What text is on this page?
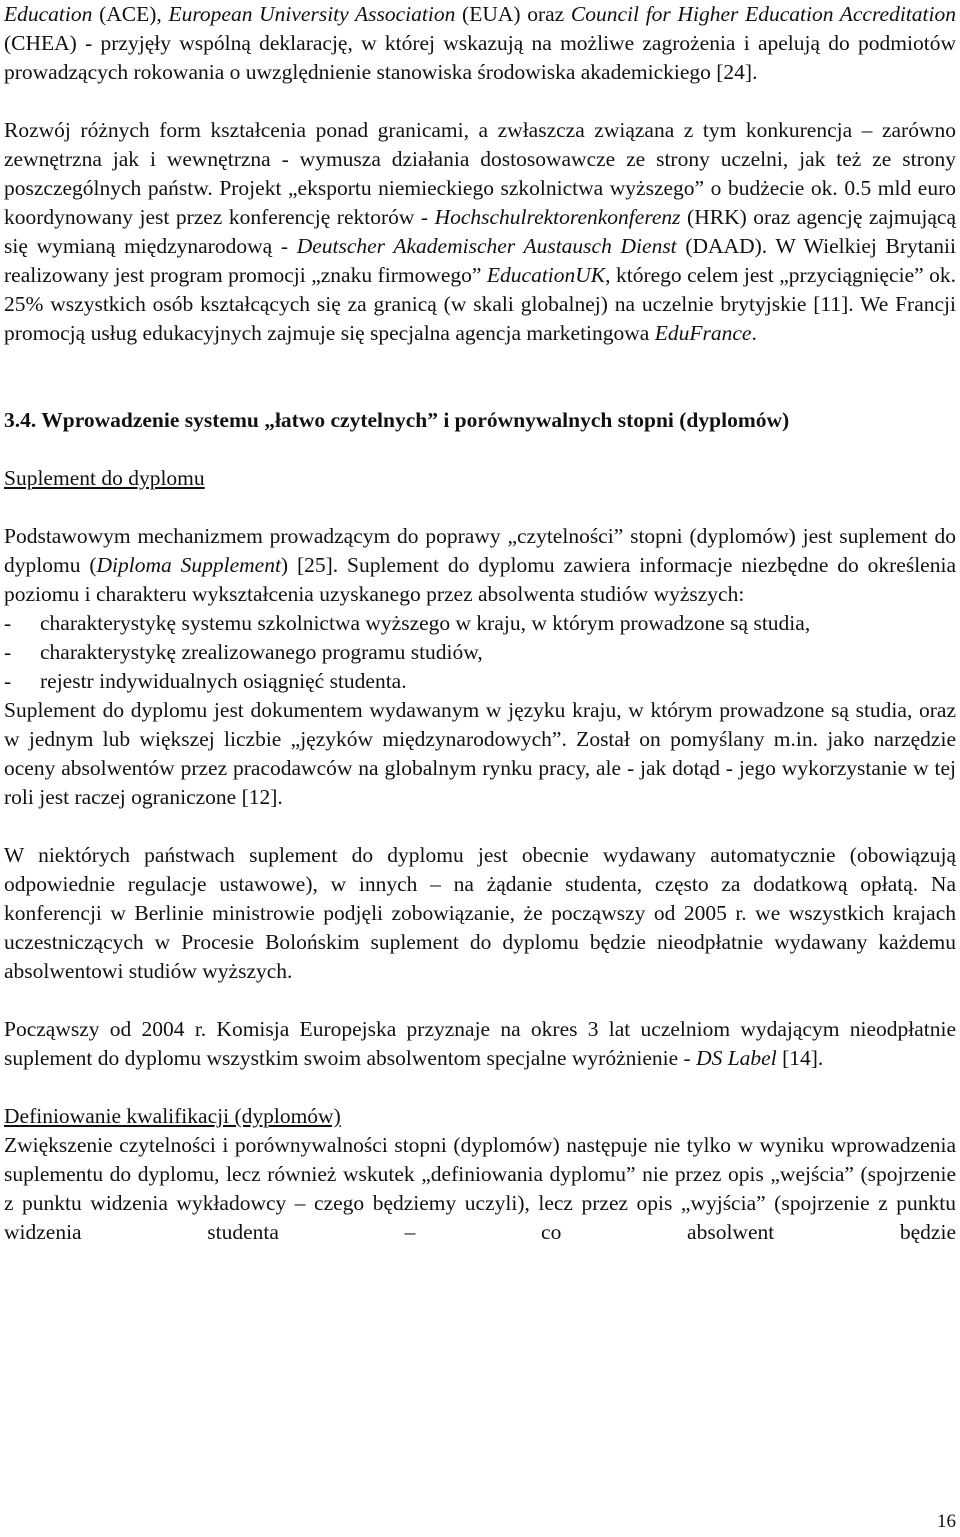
Education (ACE), European University Association (EUA) oraz Council for Higher Education Accreditation (CHEA) - przyjęły wspólną deklarację, w której wskazują na możliwe zagrożenia i apelują do podmiotów prowadzących rokowania o uwzględnienie stanowiska środowiska akademickiego [24].

Rozwój różnych form kształcenia ponad granicami, a zwłaszcza związana z tym konkurencja – zarówno zewnętrzna jak i wewnętrzna - wymusza działania dostosowawcze ze strony uczelni, jak też ze strony poszczególnych państw. Projekt „eksportu niemieckiego szkolnictwa wyższego” o budżecie ok. 0.5 mld euro koordynowany jest przez konferencję rektorów - Hochschulrektorenkonferenz (HRK) oraz agencję zajmującą się wymianą międzynarodową - Deutscher Akademischer Austausch Dienst (DAAD). W Wielkiej Brytanii realizowany jest program promocji „znaku firmowego” EducationUK, którego celem jest „przyciągnięcie” ok. 25% wszystkich osób kształcących się za granicą (w skali globalnej) na uczelnie brytyjskie [11]. We Francji promocją usług edukacyjnych zajmuje się specjalna agencja marketingowa EduFrance.

3.4. Wprowadzenie systemu „łatwo czytelnych” i porównywalnych stopni (dyplomów)

Suplement do dyplomu

Podstawowym mechanizmem prowadzącym do poprawy „czytelności” stopni (dyplomów) jest suplement do dyplomu (Diploma Supplement) [25]. Suplement do dyplomu zawiera informacje niezbędne do określenia poziomu i charakteru wykształcenia uzyskanego przez absolwenta studiów wyższych:

- charakterystykę systemu szkolnictwa wyższego w kraju, w którym prowadzone są studia,
- charakterystykę zrealizowanego programu studiów,
- rejestr indywidualnych osiągnięć studenta.

Suplement do dyplomu jest dokumentem wydawanym w języku kraju, w którym prowadzone są studia, oraz w jednym lub większej liczbie „języków międzynarodowych”. Został on pomyślany m.in. jako narzędzie oceny absolwentów przez pracodawców na globalnym rynku pracy, ale - jak dotąd - jego wykorzystanie w tej roli jest raczej ograniczone [12].

W niektórych państwach suplement do dyplomu jest obecnie wydawany automatycznie (obowiązują odpowiednie regulacje ustawowe), w innych – na żądanie studenta, często za dodatkową opłatą. Na konferencji w Berlinie ministrowie podjęli zobowiązanie, że począwszy od 2005 r. we wszystkich krajach uczestniczących w Procesie Bolońskim suplement do dyplomu będzie nieodpłatnie wydawany każdemu absolwentowi studiów wyższych.

Począwszy od 2004 r. Komisja Europejska przyznaje na okres 3 lat uczelniom wydającym nieodpłatnie suplement do dyplomu wszystkim swoim absolwentom specjalne wyróżnienie - DS Label [14].

Definiowanie kwalifikacji (dyplomów)

Zwiększenie czytelności i porównywalności stopni (dyplomów) następuje nie tylko w wyniku wprowadzenia suplementu do dyplomu, lecz również wskutek „definiowania dyplomu” nie przez opis „wejścia” (spojrzenie z punktu widzenia wykładowcy – czego będziemy uczyli), lecz przez opis „wyjścia” (spojrzenie z punktu widzenia studenta – co absolwent będzie

16
